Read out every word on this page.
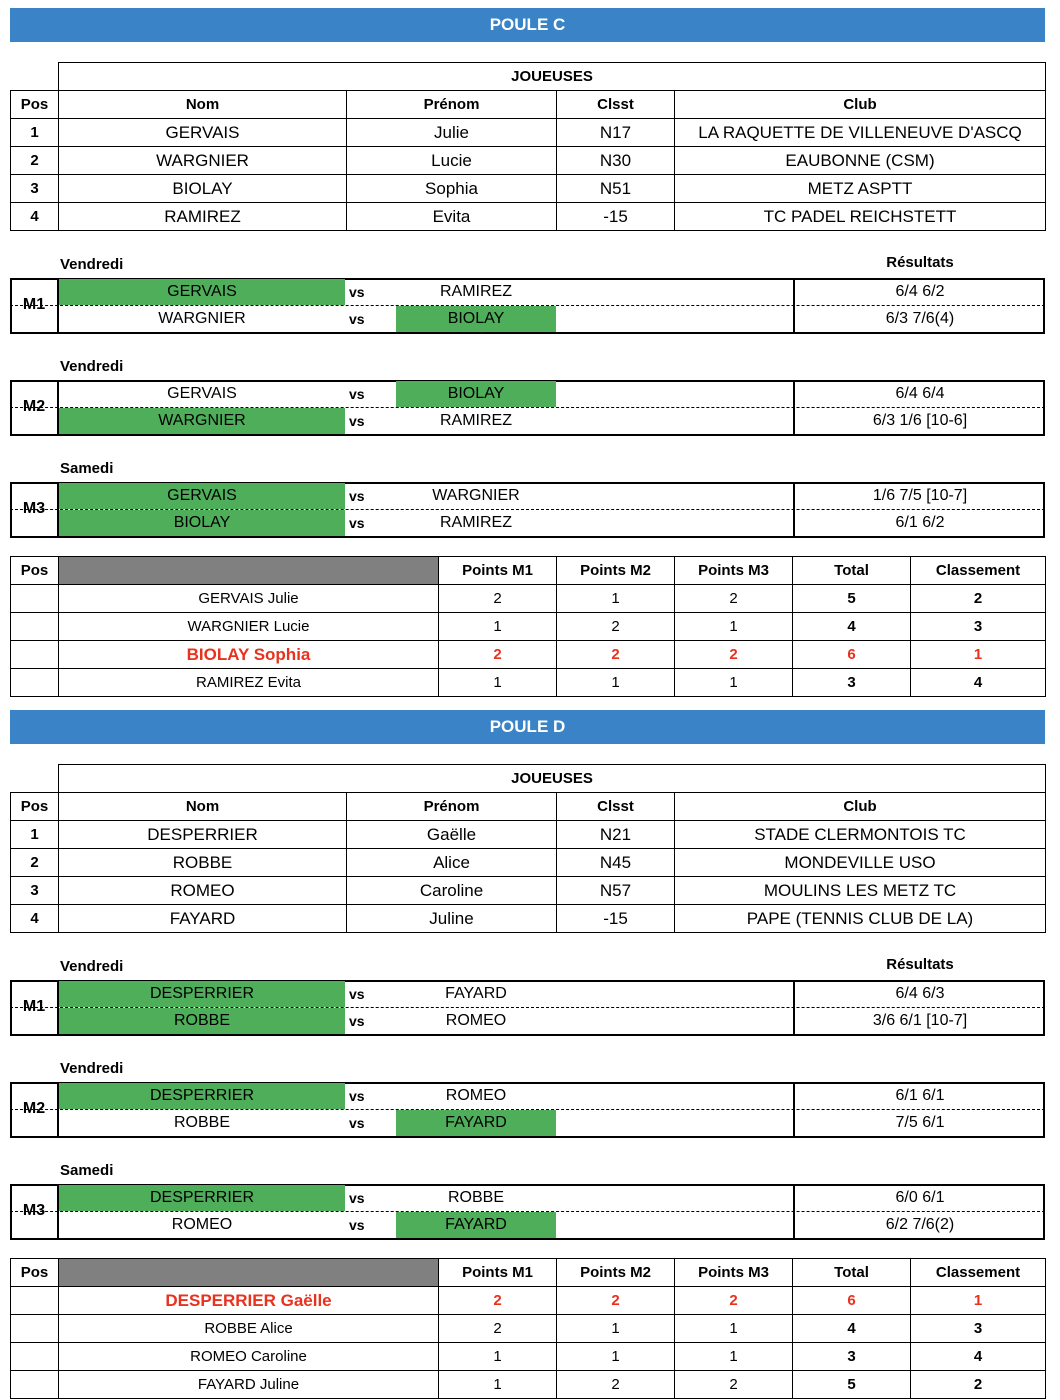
POULE C
	JOUEUSES			
Pos	Nom	Prénom	Clsst	Club
1	GERVAIS	Julie	N17	LA RAQUETTE DE VILLENEUVE D'ASCQ
2	WARGNIER	Lucie	N30	EAUBONNE (CSM)
3	BIOLAY	Sophia	N51	METZ ASPTT
4	RAMIREZ	Evita	-15	TC PADEL REICHSTETT
Vendredi	Résultats
M1
GERVAIS	vs	RAMIREZ	6/4 6/2
WARGNIER	vs	BIOLAY	6/3 7/6(4)
Vendredi
M2
GERVAIS	vs	BIOLAY	6/4 6/4
WARGNIER	vs	RAMIREZ	6/3 1/6 [10-6]
Samedi
M3
GERVAIS	vs	WARGNIER	1/6 7/5 [10-7]
BIOLAY	vs	RAMIREZ	6/1 6/2
Pos		Points M1	Points M2	Points M3	Total	Classement
	GERVAIS Julie	2	1	2	5	2
	WARGNIER Lucie	1	2	1	4	3
	BIOLAY Sophia	2	2	2	6	1
	RAMIREZ Evita	1	1	1	3	4
POULE D
	JOUEUSES			
Pos	Nom	Prénom	Clsst	Club
1	DESPERRIER	Gaëlle	N21	STADE CLERMONTOIS TC
2	ROBBE	Alice	N45	MONDEVILLE USO
3	ROMEO	Caroline	N57	MOULINS LES METZ TC
4	FAYARD	Juline	-15	PAPE (TENNIS CLUB DE LA)
Vendredi	Résultats
M1
DESPERRIER	vs	FAYARD	6/4 6/3
ROBBE	vs	ROMEO	3/6 6/1 [10-7]
Vendredi
M2
DESPERRIER	vs	ROMEO	6/1 6/1
ROBBE	vs	FAYARD	7/5 6/1
Samedi
M3
DESPERRIER	vs	ROBBE	6/0 6/1
ROMEO	vs	FAYARD	6/2 7/6(2)
Pos		Points M1	Points M2	Points M3	Total	Classement
	DESPERRIER Gaëlle	2	2	2	6	1
	ROBBE Alice	2	1	1	4	3
	ROMEO Caroline	1	1	1	3	4
	FAYARD Juline	1	2	2	5	2
